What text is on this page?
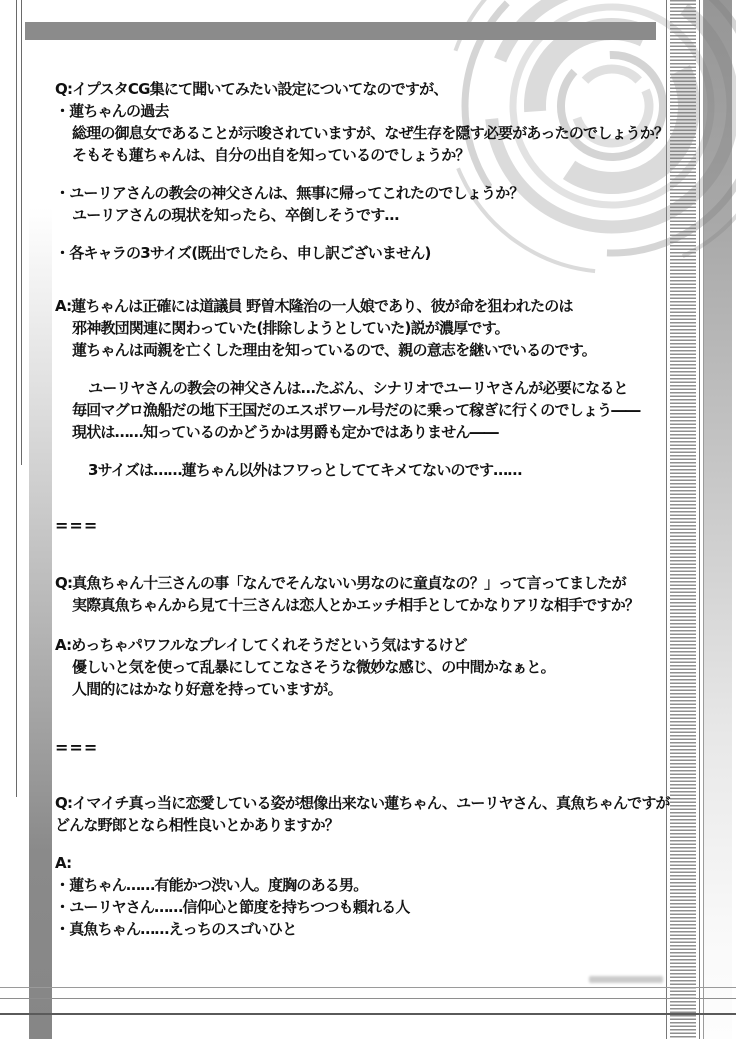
Q:イプスタCG集にて聞いてみたい設定についてなのですが、
・蓮ちゃんの過去
総理の御息女であることが示唆されていますが、なぜ生存を隠す必要があったのでしょうか？
そもそも蓮ちゃんは、自分の出自を知っているのでしょうか？
・ユーリアさんの教会の神父さんは、無事に帰ってこれたのでしょうか？
ユーリアさんの現状を知ったら、卒倒しそうです…
・各キャラの3サイズ(既出でしたら、申し訳ございません)
A:蓮ちゃんは正確には道議員 野曽木隆治の一人娘であり、彼が命を狙われたのは
邪神教団関連に関わっていた(排除しようとしていた)説が濃厚です。
蓮ちゃんは両親を亡くした理由を知っているので、親の意志を継いでいるのです。
ユーリヤさんの教会の神父さんは…たぶん、シナリオでユーリヤさんが必要になると
毎回マグロ漁船だの地下王国だのエスポワール号だのに乗って稼ぎに行くのでしょう――
現状は……知っているのかどうかは男爵も定かではありません――
3サイズは……蓮ちゃん以外はフワっとしててキメてないのです……
===
Q:真魚ちゃん十三さんの事「なんでそんないい男なのに童貞なの？」って言ってましたが
実際真魚ちゃんから見て十三さんは恋人とかエッチ相手としてかなりアリな相手ですか？
A:めっちゃパワフルなプレイしてくれそうだという気はするけど
優しいと気を使って乱暴にしてこなさそうな微妙な感じ、の中間かなぁと。
人間的にはかなり好意を持っていますが。
===
Q:イマイチ真っ当に恋愛している姿が想像出来ない蓮ちゃん、ユーリヤさん、真魚ちゃんですが
どんな野郎となら相性良いとかありますか？
A:
・蓮ちゃん……有能かつ渋い人。度胸のある男。
・ユーリヤさん……信仰心と節度を持ちつつも頼れる人
・真魚ちゃん……えっちのスゴいひと
